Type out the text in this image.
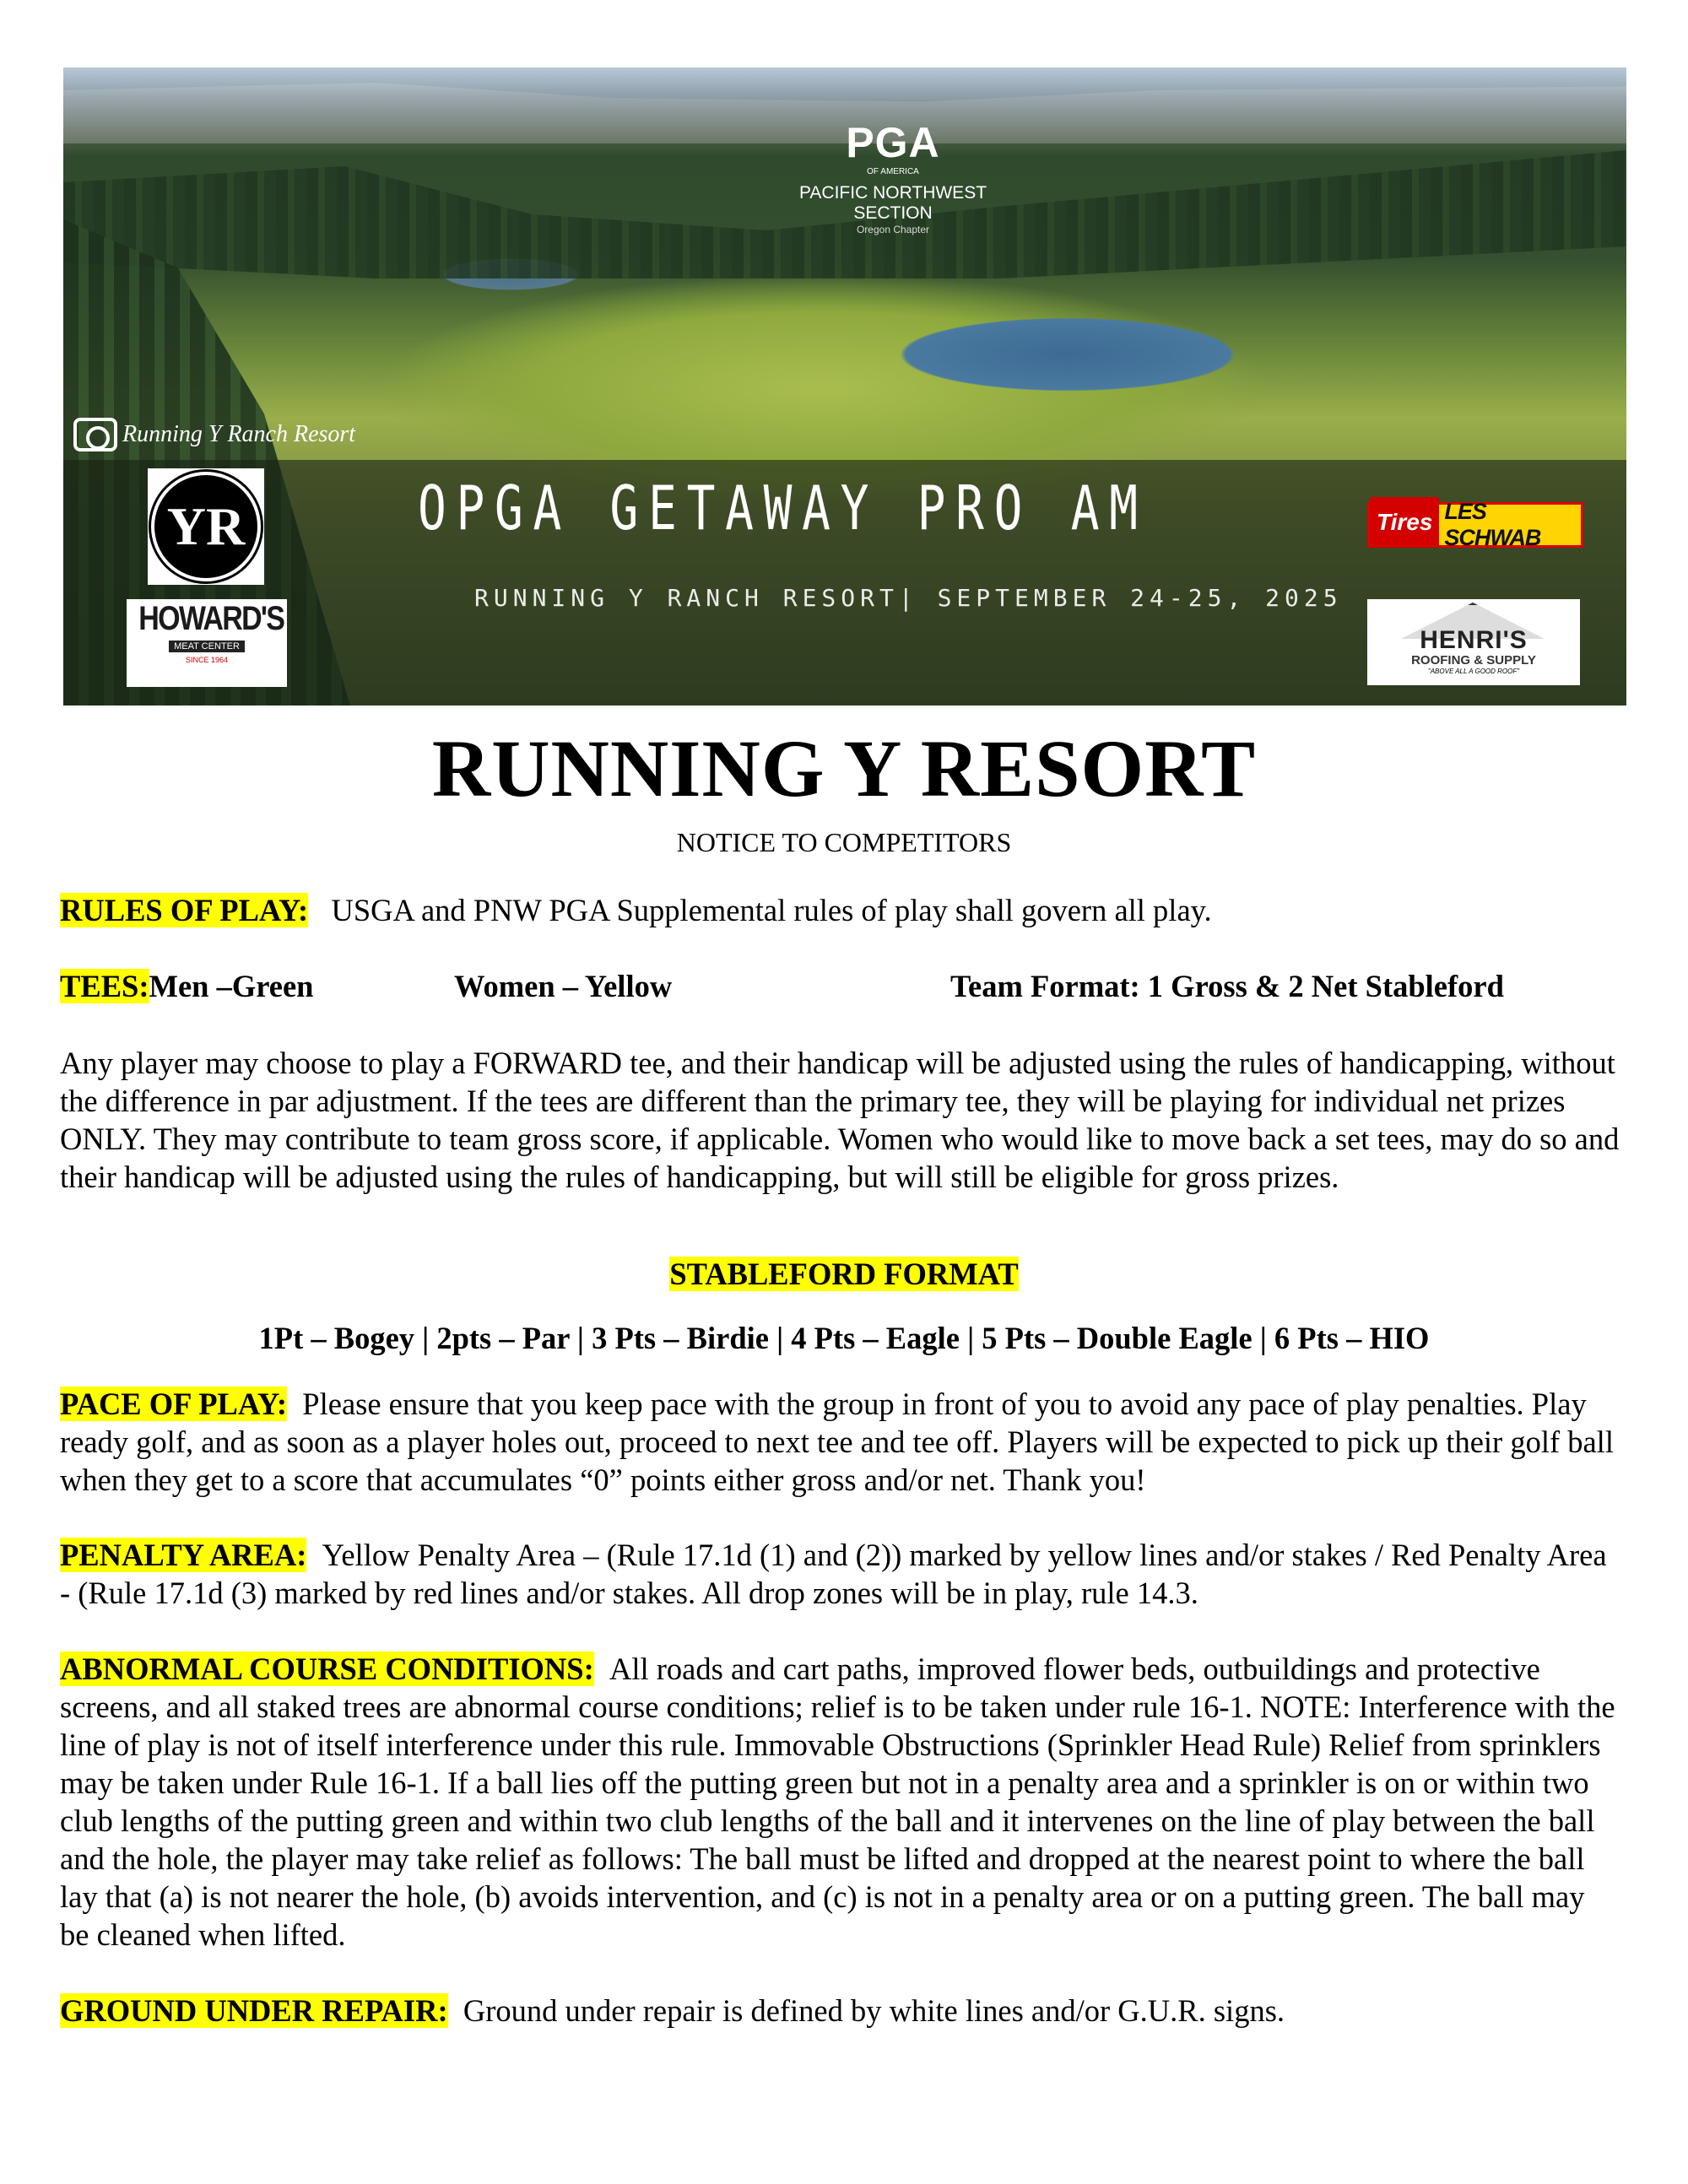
PGA
OF AMERICA
PACIFIC NORTHWEST SECTION
Oregon Chapter
Running Y Ranch Resort
OPGA GETAWAY PRO AM
RUNNING Y RANCH RESORT| SEPTEMBER 24-25, 2025
YR
HOWARD'S
MEAT CENTER
SINCE 1964
Tires LES SCHWAB
HENRI'S
ROOFING & SUPPLY
"ABOVE ALL A GOOD ROOF"
RUNNING Y RESORT
NOTICE TO COMPETITORS
RULES OF PLAY: USGA and PNW PGA Supplemental rules of play shall govern all play.
TEES:Men –Green	Women – Yellow	Team Format: 1 Gross & 2 Net Stableford
Any player may choose to play a FORWARD tee, and their handicap will be adjusted using the rules of handicapping, without the difference in par adjustment. If the tees are different than the primary tee, they will be playing for individual net prizes ONLY. They may contribute to team gross score, if applicable. Women who would like to move back a set tees, may do so and their handicap will be adjusted using the rules of handicapping, but will still be eligible for gross prizes.
STABLEFORD FORMAT
1Pt – Bogey | 2pts – Par | 3 Pts – Birdie | 4 Pts – Eagle | 5 Pts – Double Eagle | 6 Pts – HIO
PACE OF PLAY: Please ensure that you keep pace with the group in front of you to avoid any pace of play penalties. Play ready golf, and as soon as a player holes out, proceed to next tee and tee off. Players will be expected to pick up their golf ball when they get to a score that accumulates “0” points either gross and/or net. Thank you!
PENALTY AREA: Yellow Penalty Area – (Rule 17.1d (1) and (2)) marked by yellow lines and/or stakes / Red Penalty Area - (Rule 17.1d (3) marked by red lines and/or stakes. All drop zones will be in play, rule 14.3.
ABNORMAL COURSE CONDITIONS: All roads and cart paths, improved flower beds, outbuildings and protective screens, and all staked trees are abnormal course conditions; relief is to be taken under rule 16-1. NOTE: Interference with the line of play is not of itself interference under this rule. Immovable Obstructions (Sprinkler Head Rule) Relief from sprinklers may be taken under Rule 16-1. If a ball lies off the putting green but not in a penalty area and a sprinkler is on or within two club lengths of the putting green and within two club lengths of the ball and it intervenes on the line of play between the ball and the hole, the player may take relief as follows: The ball must be lifted and dropped at the nearest point to where the ball lay that (a) is not nearer the hole, (b) avoids intervention, and (c) is not in a penalty area or on a putting green. The ball may be cleaned when lifted.
GROUND UNDER REPAIR: Ground under repair is defined by white lines and/or G.U.R. signs.
